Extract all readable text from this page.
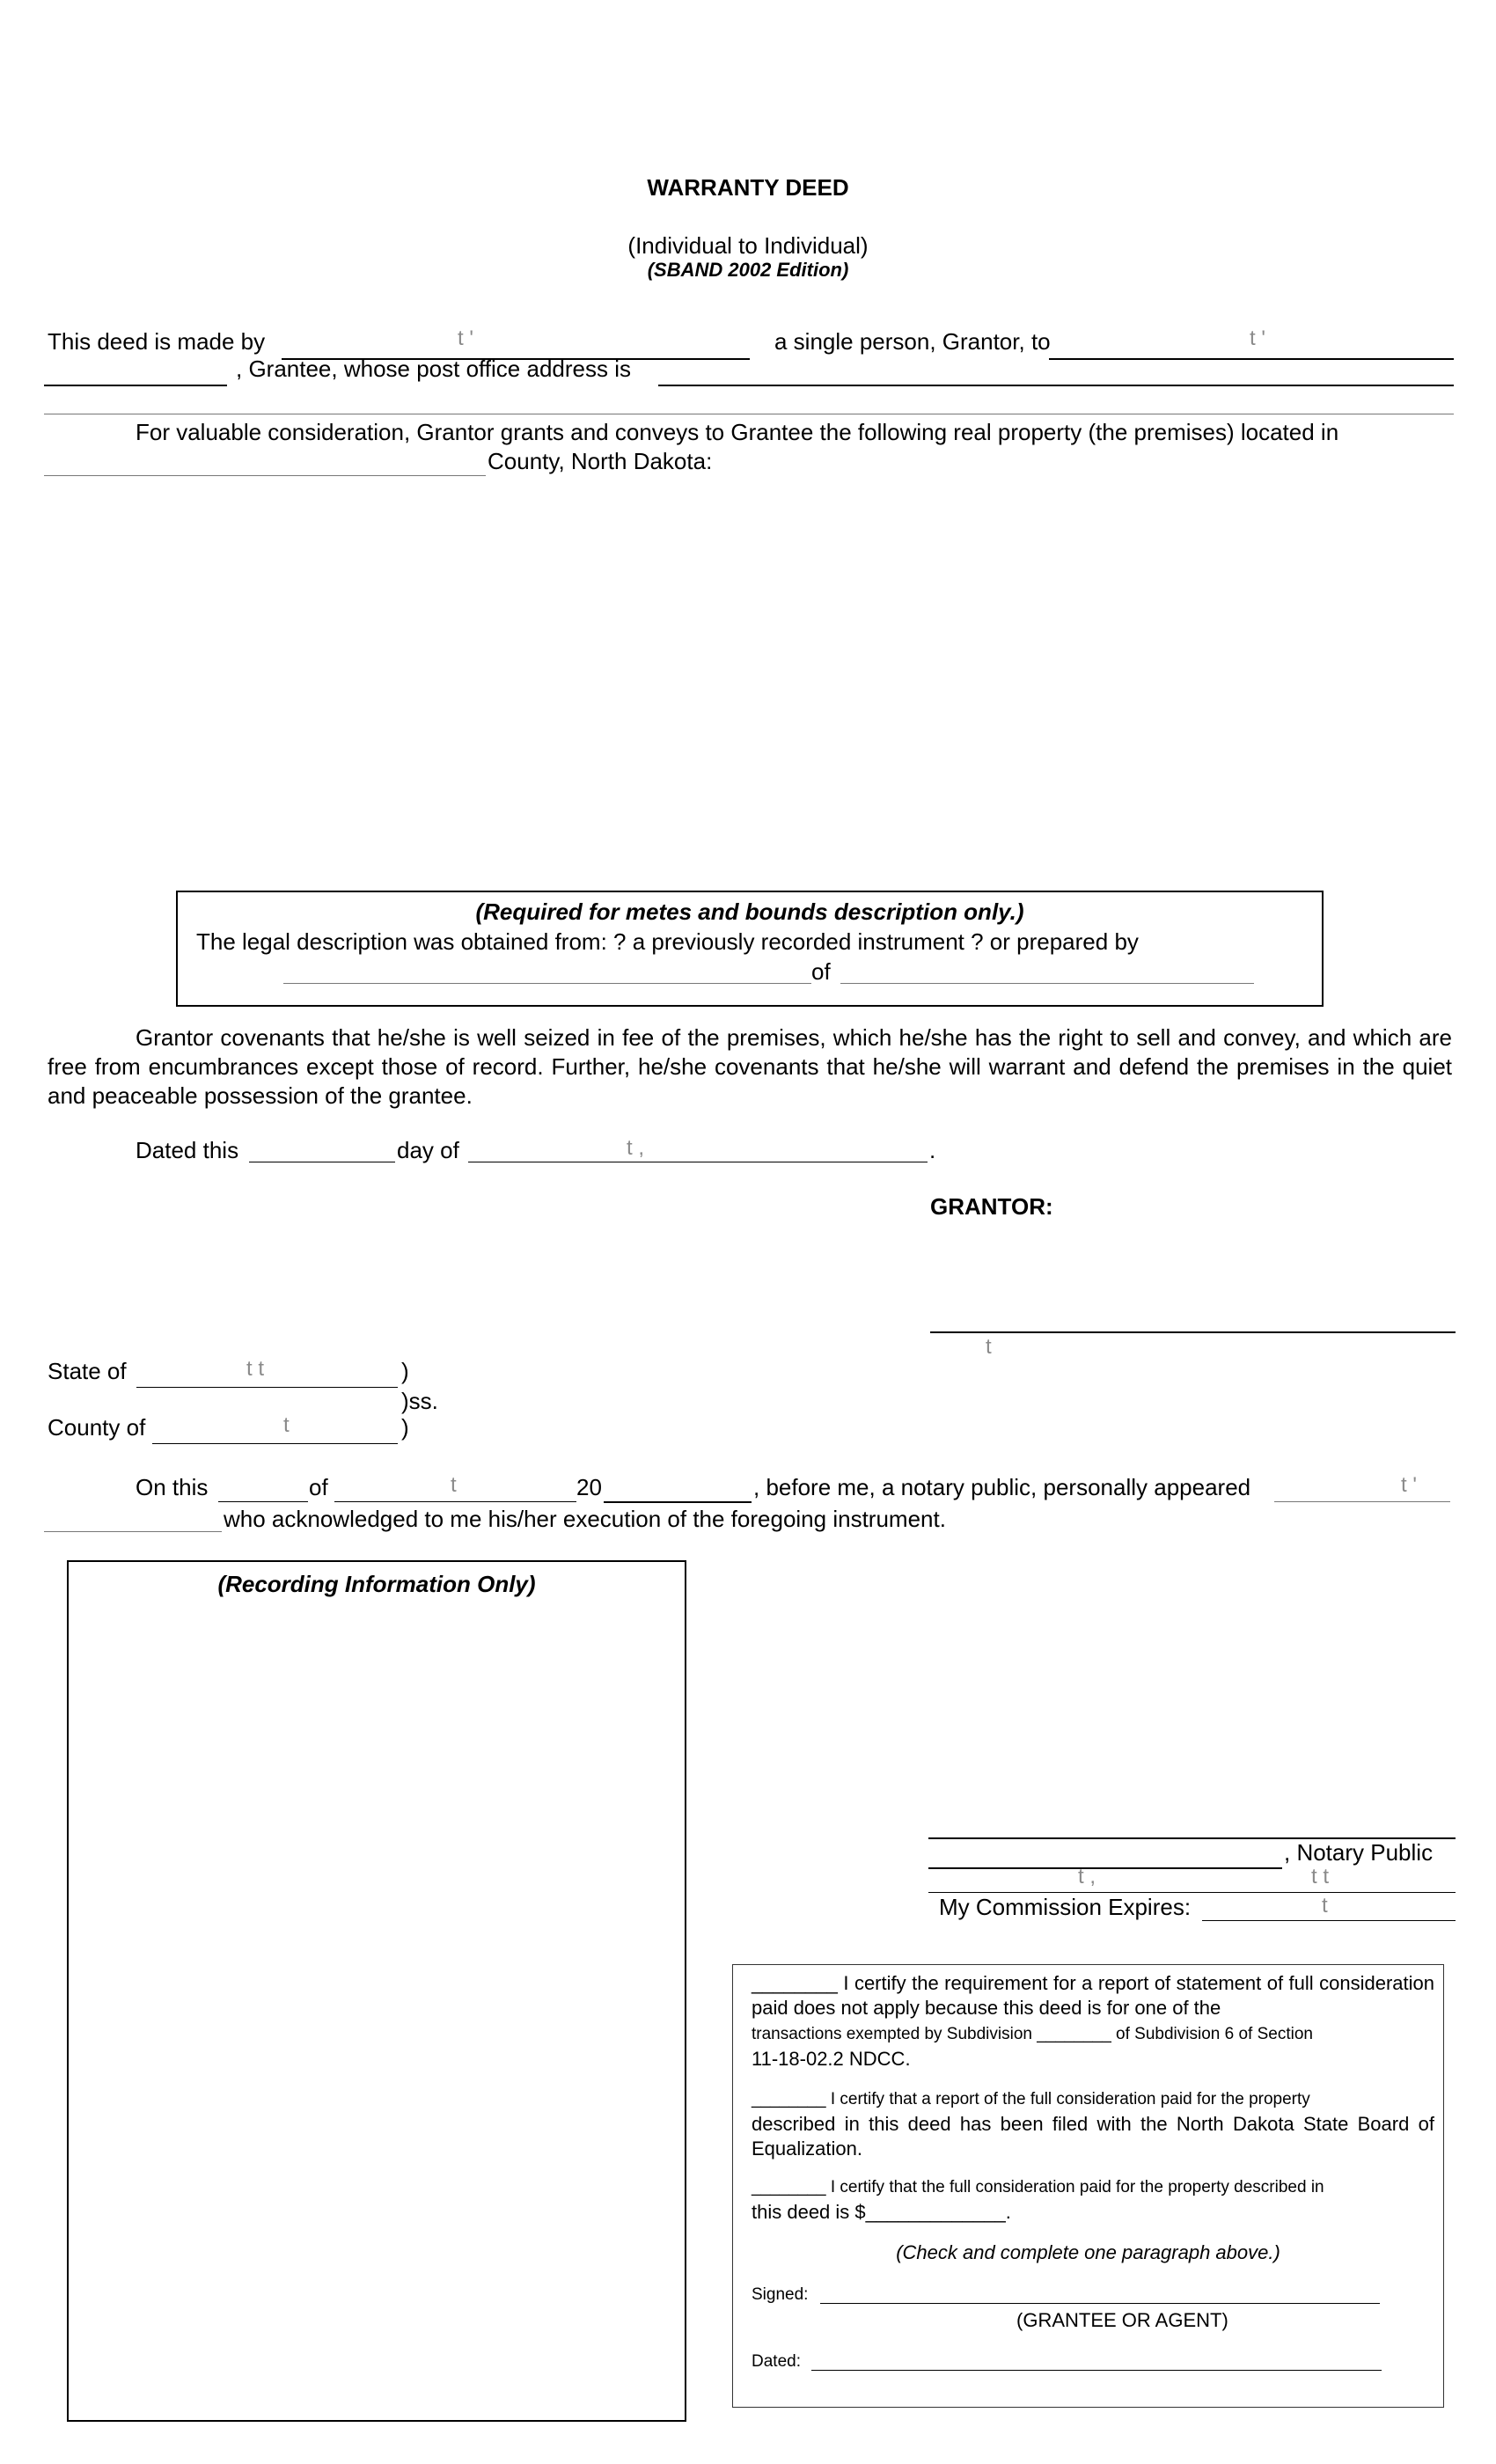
WARRANTY DEED
(Individual to Individual)
(SBAND 2002 Edition)
This deed is made by	t '	a single person, Grantor, to	t '
, Grantee, whose post office address is
For valuable consideration, Grantor grants and conveys to Grantee the following real property (the premises) located in
County, North Dakota:
(Required for metes and bounds description only.)
The legal description was obtained from: ? a previously recorded instrument ? or prepared by
of
Grantor covenants that he/she is well seized in fee of the premises, which he/she has the right to sell and convey, and which are free from encumbrances except those of record. Further, he/she covenants that he/she will warrant and defend the premises in the quiet and peaceable possession of the grantee.
Dated this	day of	t ,	.
GRANTOR:
t
State of	t t	)
)ss.
County of	t	)
On this	of	t	20	, before me, a notary public, personally appeared	t '
who acknowledged to me his/her execution of the foregoing instrument.
(Recording Information Only)
, Notary Public
t ,	t t
My Commission Expires:	t
________ I certify the requirement for a report of statement of full consideration paid does not apply because this deed is for one of the
transactions exempted by Subdivision ________ of Subdivision 6 of Section
11-18-02.2 NDCC.
________ I certify that a report of the full consideration paid for the property
described in this deed has been filed with the North Dakota State Board of Equalization.
________ I certify that the full consideration paid for the property described in
this deed is $_____________.
(Check and complete one paragraph above.)
Signed:
(GRANTEE OR AGENT)
Dated:
